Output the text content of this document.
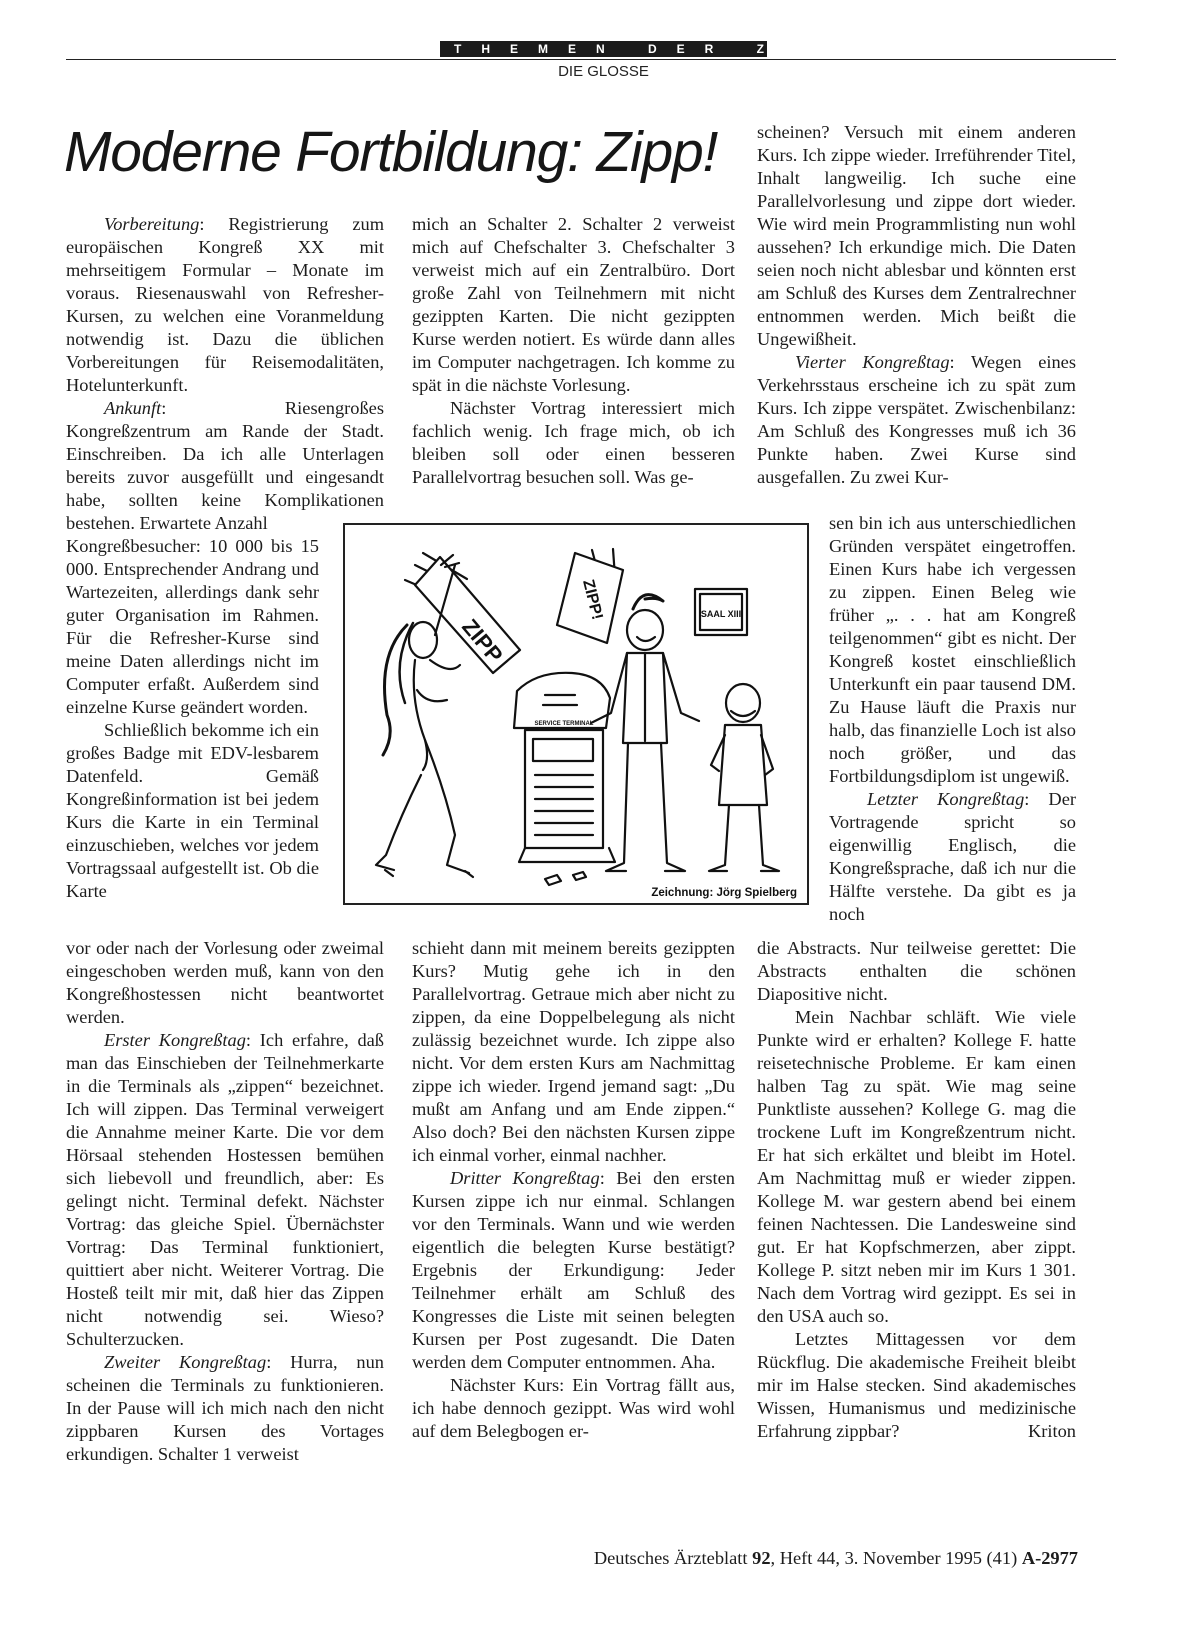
THEMEN DER ZEIT
DIE GLOSSE
Moderne Fortbildung: Zipp!

Vorbereitung: Registrierung zum europäischen Kongreß XX mit mehrseitigem Formular – Monate im voraus. Riesenauswahl von Refresher-Kursen, zu welchen eine Voranmeldung notwendig ist. Dazu die üblichen Vorbereitungen für Reisemodalitäten, Hotelunterkunft.

Ankunft: Riesengroßes Kongreßzentrum am Rande der Stadt. Einschreiben. Da ich alle Unterlagen bereits zuvor ausgefüllt und eingesandt habe, sollten keine Komplikationen bestehen. Erwartete Anzahl

Kongreßbesucher: 10 000 bis 15 000. Entsprechender Andrang und Wartezeiten, allerdings dank sehr guter Organisation im Rahmen. Für die Refresher-Kurse sind meine Daten allerdings nicht im Computer erfaßt. Außerdem sind einzelne Kurse geändert worden.

Schließlich bekomme ich ein großes Badge mit EDV-lesbarem Datenfeld. Gemäß Kongreßinformation ist bei jedem Kurs die Karte in ein Terminal einzuschieben, welches vor jedem Vortragssaal aufgestellt ist. Ob die Karte

vor oder nach der Vorlesung oder zweimal eingeschoben werden muß, kann von den Kongreßhostessen nicht beantwortet werden.

Erster Kongreßtag: Ich erfahre, daß man das Einschieben der Teilnehmerkarte in die Terminals als „zippen“ bezeichnet. Ich will zippen. Das Terminal verweigert die Annahme meiner Karte. Die vor dem Hörsaal stehenden Hostessen bemühen sich liebevoll und freundlich, aber: Es gelingt nicht. Terminal defekt. Nächster Vortrag: das gleiche Spiel. Übernächster Vortrag: Das Terminal funktioniert, quittiert aber nicht. Weiterer Vortrag. Die Hosteß teilt mir mit, daß hier das Zippen nicht notwendig sei. Wieso? Schulterzucken.

Zweiter Kongreßtag: Hurra, nun scheinen die Terminals zu funktionieren. In der Pause will ich mich nach den nicht zippbaren Kursen des Vortages erkundigen. Schalter 1 verweist

mich an Schalter 2. Schalter 2 verweist mich auf Chefschalter 3. Chefschalter 3 verweist mich auf ein Zentralbüro. Dort große Zahl von Teilnehmern mit nicht gezippten Karten. Die nicht gezippten Kurse werden notiert. Es würde dann alles im Computer nachgetragen. Ich komme zu spät in die nächste Vorlesung.

Nächster Vortrag interessiert mich fachlich wenig. Ich frage mich, ob ich bleiben soll oder einen besseren Parallelvortrag besuchen soll. Was ge-

schieht dann mit meinem bereits gezippten Kurs? Mutig gehe ich in den Parallelvortrag. Getraue mich aber nicht zu zippen, da eine Doppelbelegung als nicht zulässig bezeichnet wurde. Ich zippe also nicht. Vor dem ersten Kurs am Nachmittag zippe ich wieder. Irgend jemand sagt: „Du mußt am Anfang und am Ende zippen.“ Also doch? Bei den nächsten Kursen zippe ich einmal vorher, einmal nachher.

Dritter Kongreßtag: Bei den ersten Kursen zippe ich nur einmal. Schlangen vor den Terminals. Wann und wie werden eigentlich die belegten Kurse bestätigt? Ergebnis der Erkundigung: Jeder Teilnehmer erhält am Schluß des Kongresses die Liste mit seinen belegten Kursen per Post zugesandt. Die Daten werden dem Computer entnommen. Aha.

Nächster Kurs: Ein Vortrag fällt aus, ich habe dennoch gezippt. Was wird wohl auf dem Belegbogen er-

scheinen? Versuch mit einem anderen Kurs. Ich zippe wieder. Irreführender Titel, Inhalt langweilig. Ich suche eine Parallelvorlesung und zippe dort wieder. Wie wird mein Programmlisting nun wohl aussehen? Ich erkundige mich. Die Daten seien noch nicht ablesbar und könnten erst am Schluß des Kurses dem Zentralrechner entnommen werden. Mich beißt die Ungewißheit.

Vierter Kongreßtag: Wegen eines Verkehrsstaus erscheine ich zu spät zum Kurs. Ich zippe verspätet. Zwischenbilanz: Am Schluß des Kongresses muß ich 36 Punkte haben. Zwei Kurse sind ausgefallen. Zu zwei Kur-

sen bin ich aus unterschiedlichen Gründen verspätet eingetroffen. Einen Kurs habe ich vergessen zu zippen. Einen Beleg wie früher „. . . hat am Kongreß teilgenommen“ gibt es nicht. Der Kongreß kostet einschließlich Unterkunft ein paar tausend DM. Zu Hause läuft die Praxis nur halb, das finanzielle Loch ist also noch größer, und das Fortbildungsdiplom ist ungewiß.

Letzter Kongreßtag: Der Vortragende spricht so eigenwillig Englisch, die Kongreßsprache, daß ich nur die Hälfte verstehe. Da gibt es ja noch

die Abstracts. Nur teilweise gerettet: Die Abstracts enthalten die schönen Diapositive nicht.

Mein Nachbar schläft. Wie viele Punkte wird er erhalten? Kollege F. hatte reisetechnische Probleme. Er kam einen halben Tag zu spät. Wie mag seine Punktliste aussehen? Kollege G. mag die trockene Luft im Kongreßzentrum nicht. Er hat sich erkältet und bleibt im Hotel. Am Nachmittag muß er wieder zippen. Kollege M. war gestern abend bei einem feinen Nachtessen. Die Landesweine sind gut. Er hat Kopfschmerzen, aber zippt. Kollege P. sitzt neben mir im Kurs 1 301. Nach dem Vortrag wird gezippt. Es sei in den USA auch so.

Letztes Mittagessen vor dem Rückflug. Die akademische Freiheit bleibt mir im Halse stecken. Sind akademisches Wissen, Humanismus und medizinische Erfahrung zippbar?	Kriton

ZIPP
ZIPP!	SAAL XIII
SERVICE TERMINAL
Zeichnung: Jörg Spielberg
Deutsches Ärzteblatt 92, Heft 44, 3. November 1995 (41) A-2977
